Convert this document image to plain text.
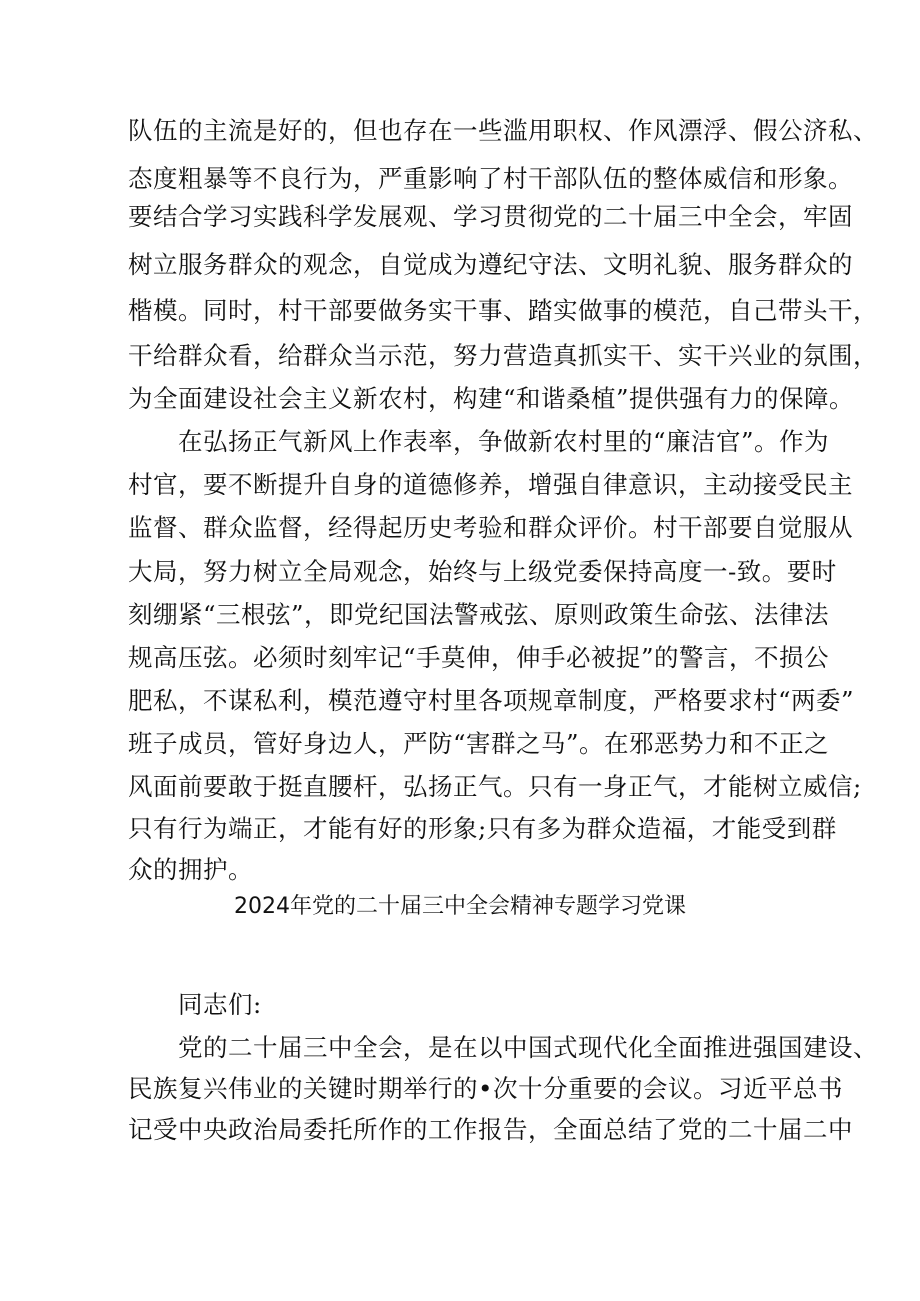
队伍的主流是好的，但也存在一些滥用职权、作风漂浮、假公济私、
态度粗暴等不良行为，严重影响了村干部队伍的整体威信和形象。
要结合学习实践科学发展观、学习贯彻党的二十届三中全会，牢固
树立服务群众的观念，自觉成为遵纪守法、文明礼貌、服务群众的
楷模。同时，村干部要做务实干事、踏实做事的模范，自己带头干，
干给群众看，给群众当示范，努力营造真抓实干、实干兴业的氛围，
为全面建设社会主义新农村，构建“和谐桑植”提供强有力的保障。
在弘扬正气新风上作表率，争做新农村里的“廉洁官”。作为
村官，要不断提升自身的道德修养，增强自律意识，主动接受民主
监督、群众监督，经得起历史考验和群众评价。村干部要自觉服从
大局，努力树立全局观念，始终与上级党委保持高度一-致。要时
刻绷紧“三根弦”，即党纪国法警戒弦、原则政策生命弦、法律法
规高压弦。必须时刻牢记“手莫伸，伸手必被捉”的警言，不损公
肥私，不谋私利，模范遵守村里各项规章制度，严格要求村“两委”
班子成员，管好身边人，严防“害群之马”。在邪恶势力和不正之
风面前要敢于挺直腰杆，弘扬正气。只有一身正气，才能树立威信;
只有行为端正，才能有好的形象;只有多为群众造福，才能受到群
众的拥护。
2024年党的二十届三中全会精神专题学习党课
同志们:
党的二十届三中全会，是在以中国式现代化全面推进强国建设、
民族复兴伟业的关键时期举行的•次十分重要的会议。习近平总书
记受中央政治局委托所作的工作报告，全面总结了党的二十届二中
